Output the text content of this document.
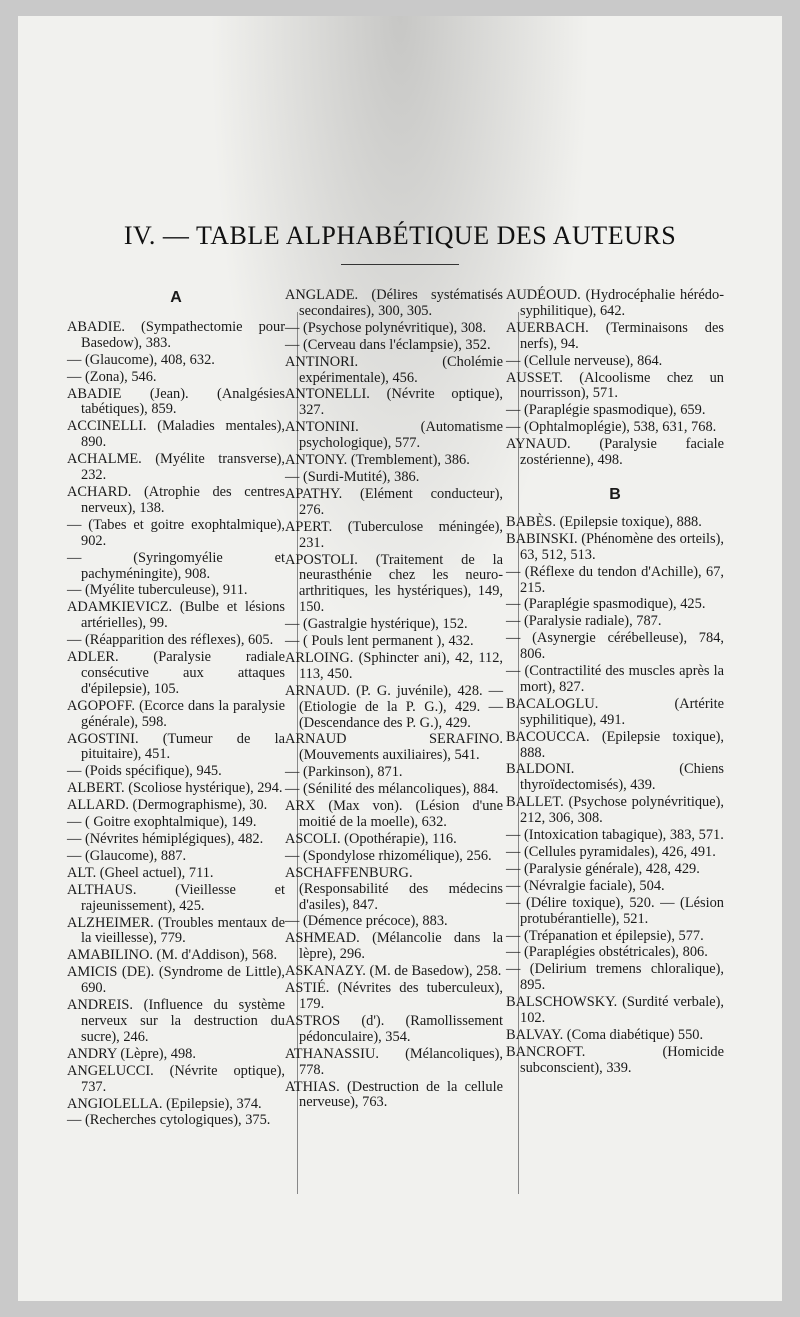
IV. — TABLE ALPHABÉTIQUE DES AUTEURS
A
ABADIE. (Sympathectomie pour Basedow), 383.
— (Glaucome), 408, 632.
— (Zona), 546.
ABADIE (Jean). (Analgésies tabétiques), 859.
ACCINELLI. (Maladies mentales), 890.
ACHALME. (Myélite transverse), 232.
ACHARD. (Atrophie des centres nerveux), 138.
— (Tabes et goitre exophtalmique), 902.
— (Syringomyélie et pachyméningite), 908.
— (Myélite tuberculeuse), 911.
ADAMKIEVICZ. (Bulbe et lésions artérielles), 99.
— (Réapparition des réflexes), 605.
ADLER. (Paralysie radiale consécutive aux attaques d'épilepsie), 105.
AGOPOFF. (Ecorce dans la paralysie générale), 598.
AGOSTINI. (Tumeur de la pituitaire), 451.
— (Poids spécifique), 945.
ALBERT. (Scoliose hystérique), 294.
ALLARD. (Dermographisme), 30.
— ( Goitre exophtalmique), 149.
— (Névrites hémiplégiques), 482.
— (Glaucome), 887.
ALT. (Gheel actuel), 711.
ALTHAUS. (Vieillesse et rajeunissement), 425.
ALZHEIMER. (Troubles mentaux de la vieillesse), 779.
AMABILINO. (M. d'Addison), 568.
AMICIS (DE). (Syndrome de Little), 690.
ANDREIS. (Influence du système nerveux sur la destruction du sucre), 246.
ANDRY (Lèpre), 498.
ANGELUCCI. (Névrite optique), 737.
ANGIOLELLA. (Epilepsie), 374.
— (Recherches cytologiques), 375.
ANGLADE. (Délires systématisés secondaires), 300, 305.
— (Psychose polynévritique), 308.
— (Cerveau dans l'éclampsie), 352.
ANTINORI. (Cholémie expérimentale), 456.
ANTONELLI. (Névrite optique), 327.
ANTONINI. (Automatisme psychologique), 577.
ANTONY. (Tremblement), 386.
— (Surdi-Mutité), 386.
APATHY. (Elément conducteur), 276.
APERT. (Tuberculose méningée), 231.
APOSTOLI. (Traitement de la neurasthénie chez les neuro-arthritiques, les hystériques), 149, 150.
— (Gastralgie hystérique), 152.
— ( Pouls lent permanent ), 432.
ARLOING. (Sphincter ani), 42, 112, 113, 450.
ARNAUD. (P. G. juvénile), 428. — (Etiologie de la P. G.), 429. — (Descendance des P. G.), 429.
ARNAUD SERAFINO. (Mouvements auxiliaires), 541.
— (Parkinson), 871.
— (Sénilité des mélancoliques), 884.
ARX (Max von). (Lésion d'une moitié de la moelle), 632.
ASCOLI. (Opothérapie), 116.
— (Spondylose rhizomélique), 256.
ASCHAFFENBURG. (Responsabilité des médecins d'asiles), 847.
— (Démence précoce), 883.
ASHMEAD. (Mélancolie dans la lèpre), 296.
ASKANAZY. (M. de Basedow), 258.
ASTIÉ. (Névrites des tuberculeux), 179.
ASTROS (d'). (Ramollissement pédonculaire), 354.
ATHANASSIU. (Mélancoliques), 778.
ATHIAS. (Destruction de la cellule nerveuse), 763.
AUDÉOUD. (Hydrocéphalie hérédo-syphilitique), 642.
AUERBACH. (Terminaisons des nerfs), 94.
— (Cellule nerveuse), 864.
AUSSET. (Alcoolisme chez un nourrisson), 571.
— (Paraplégie spasmodique), 659.
— (Ophtalmoplégie), 538, 631, 768.
AYNAUD. (Paralysie faciale zostérienne), 498.
B
BABÈS. (Epilepsie toxique), 888.
BABINSKI. (Phénomène des orteils), 63, 512, 513.
— (Réflexe du tendon d'Achille), 67, 215.
— (Paraplégie spasmodique), 425.
— (Paralysie radiale), 787.
— (Asynergie cérébelleuse), 784, 806.
— (Contractilité des muscles après la mort), 827.
BACALOGLU. (Artérite syphilitique), 491.
BACOUCCA. (Epilepsie toxique), 888.
BALDONI. (Chiens thyroïdectomisés), 439.
BALLET. (Psychose polynévritique), 212, 306, 308.
— (Intoxication tabagique), 383, 571.
— (Cellules pyramidales), 426, 491.
— (Paralysie générale), 428, 429.
— (Névralgie faciale), 504.
— (Délire toxique), 520. — (Lésion protubérantielle), 521.
— (Trépanation et épilepsie), 577.
— (Paraplégies obstétricales), 806.
— (Delirium tremens chloralique), 895.
BALSCHOWSKY. (Surdité verbale), 102.
BALVAY. (Coma diabétique) 550.
BANCROFT. (Homicide subconscient), 339.
